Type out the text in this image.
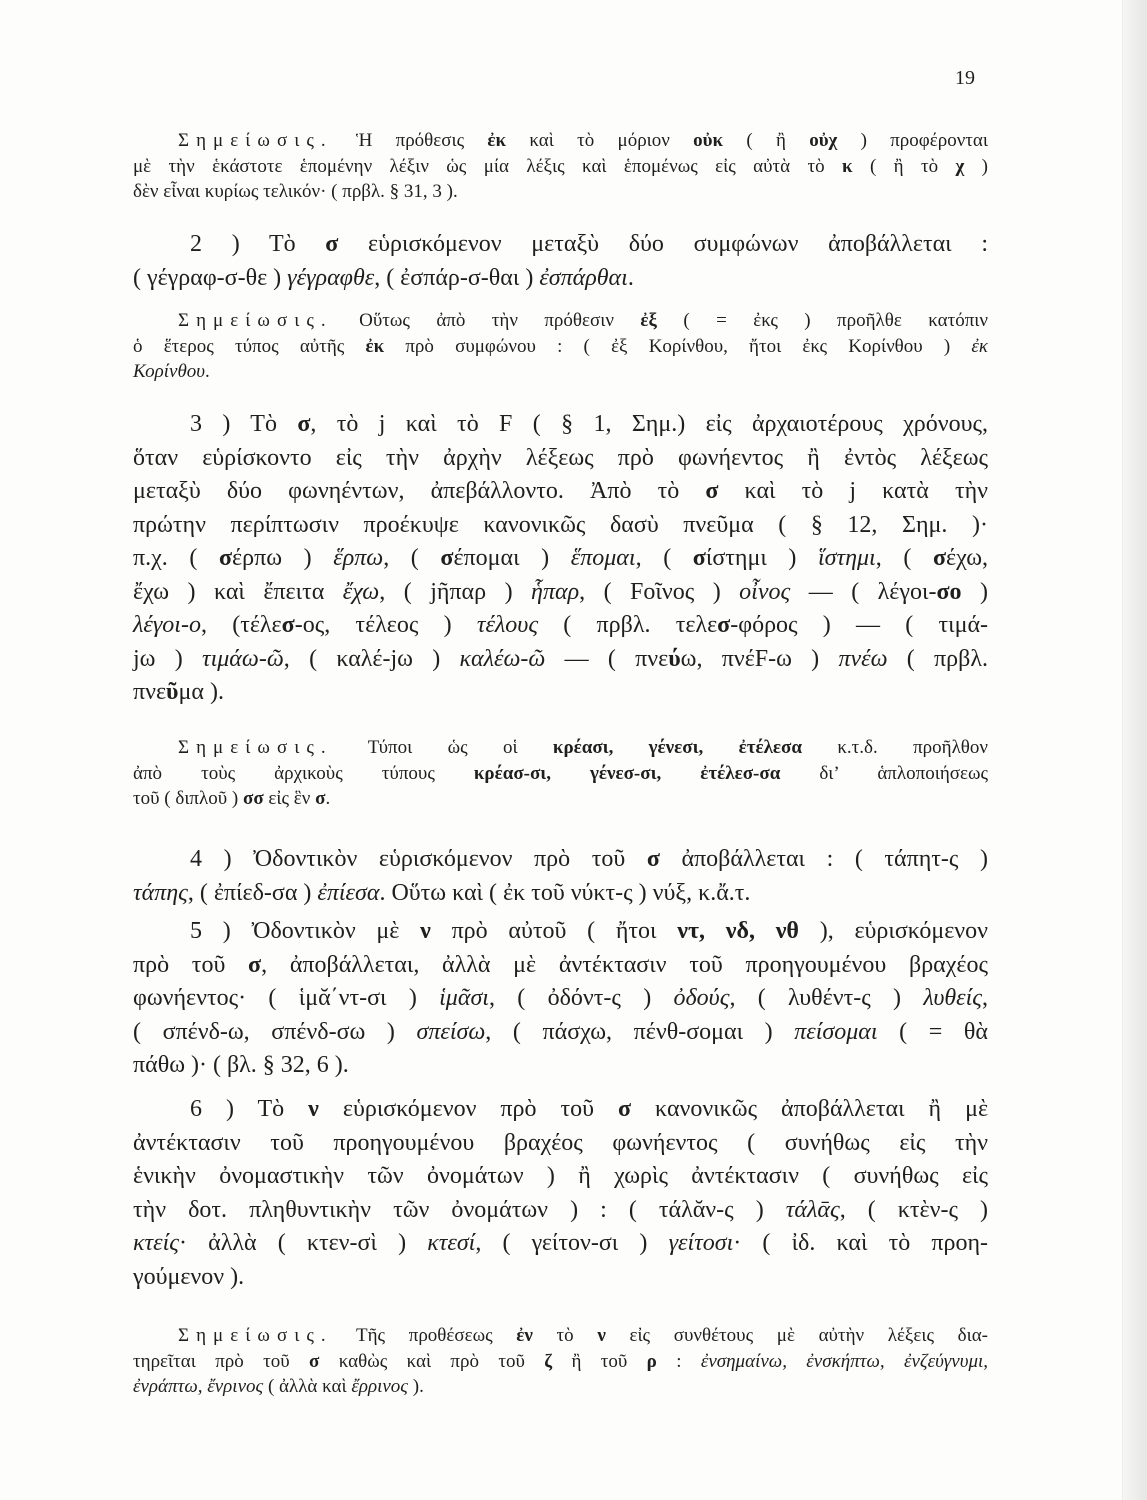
19
Σημείωσις. Ἡ πρόθεσις ἐκ καὶ τὸ μόριον οὐκ ( ἢ οὐχ ) προφέρονται
μὲ τὴν ἑκάστοτε ἑπομένην λέξιν ὡς μία λέξις καὶ ἑπομένως εἰς αὐτὰ τὸ κ ( ἢ τὸ χ )
δὲν εἶναι κυρίως τελικόν· ( πρβλ. § 31, 3 ).
2 ) Τὸ σ εὑρισκόμενον μεταξὺ δύο συμφώνων ἀποβάλλεται :
( γέγραφ-σ-θε ) γέγραφθε, ( ἐσπάρ-σ-θαι ) ἐσπάρθαι.
Σημείωσις. Οὕτως ἀπὸ τὴν πρόθεσιν ἐξ ( = ἐκς ) προῆλθε κατόπιν
ὁ ἕτερος τύπος αὐτῆς ἐκ πρὸ συμφώνου : ( ἐξ Κορίνθου, ἤτοι ἐκς Κορίνθου ) ἐκ
Κορίνθου.
3 ) Τὸ σ, τὸ j καὶ τὸ F ( § 1, Σημ.) εἰς ἀρχαιοτέρους χρόνους,
ὅταν εὑρίσκοντο εἰς τὴν ἀρχὴν λέξεως πρὸ φωνήεντος ἢ ἐντὸς λέξεως
μεταξὺ δύο φωνηέντων, ἀπεβάλλοντο. Ἀπὸ τὸ σ καὶ τὸ j κατὰ τὴν
πρώτην περίπτωσιν προέκυψε κανονικῶς δασὺ πνεῦμα ( § 12, Σημ. )·
π.χ. ( σέρπω ) ἕρπω, ( σέπομαι ) ἕπομαι, ( σίστημι ) ἵστημι, ( σέχω,
ἔχω ) καὶ ἔπειτα ἔχω, ( jῆπαρ ) ἧπαρ, ( Fοῖνος ) οἶνος — ( λέγοι-σο )
λέγοι-ο, (τέλεσ-ος, τέλεος ) τέλους ( πρβλ. τελεσ-φόρος ) — ( τιμά-
jω ) τιμάω-ῶ, ( καλέ-jω ) καλέω-ῶ — ( πνεύω, πνέF-ω ) πνέω ( πρβλ.
πνεῦμα ).
Σημείωσις. Τύποι ὡς οἱ κρέασι, γένεσι, ἐτέλεσα κ.τ.δ. προῆλθον
ἀπὸ τοὺς ἀρχικοὺς τύπους κρέασ-σι, γένεσ-σι, ἐτέλεσ-σα δι’ ἁπλοποιήσεως
τοῦ ( διπλοῦ ) σσ εἰς ἓν σ.
4 ) Ὀδοντικὸν εὑρισκόμενον πρὸ τοῦ σ ἀποβάλλεται : ( τάπητ-ς )
τάπης, ( ἐπίεδ-σα ) ἐπίεσα. Οὕτω καὶ ( ἐκ τοῦ νύκτ-ς ) νύξ, κ.ἄ.τ.
5 ) Ὀδοντικὸν μὲ ν πρὸ αὐτοῦ ( ἤτοι ντ, νδ, νθ ), εὑρισκόμενον
πρὸ τοῦ σ, ἀποβάλλεται, ἀλλὰ μὲ ἀντέκτασιν τοῦ προηγουμένου βραχέος
φωνήεντος· ( ἱμᾰ΄ντ-σι ) ἱμᾶσι, ( ὀδόντ-ς ) ὀδούς, ( λυθέντ-ς ) λυθείς,
( σπένδ-ω, σπένδ-σω ) σπείσω, ( πάσχω, πένθ-σομαι ) πείσομαι ( = θὰ
πάθω )· ( βλ. § 32, 6 ).
6 ) Τὸ ν εὑρισκόμενον πρὸ τοῦ σ κανονικῶς ἀποβάλλεται ἢ μὲ
ἀντέκτασιν τοῦ προηγουμένου βραχέος φωνήεντος ( συνήθως εἰς τὴν
ἑνικὴν ὀνομαστικὴν τῶν ὀνομάτων ) ἢ χωρὶς ἀντέκτασιν ( συνήθως εἰς
τὴν δοτ. πληθυντικὴν τῶν ὀνομάτων ) : ( τάλᾰν-ς ) τάλᾱς, ( κτὲν-ς )
κτείς· ἀλλὰ ( κτεν-σὶ ) κτεσί, ( γείτον-σι ) γείτοσι· ( ἰδ. καὶ τὸ προη-
γούμενον ).
Σημείωσις. Τῆς προθέσεως ἐν τὸ ν εἰς συνθέτους μὲ αὐτὴν λέξεις δια-
τηρεῖται πρὸ τοῦ σ καθὼς καὶ πρὸ τοῦ ζ ἢ τοῦ ρ : ἐνσημαίνω, ἐνσκήπτω, ἐνζεύγνυμι,
ἐνράπτω, ἔνρινος ( ἀλλὰ καὶ ἔρρινος ).
